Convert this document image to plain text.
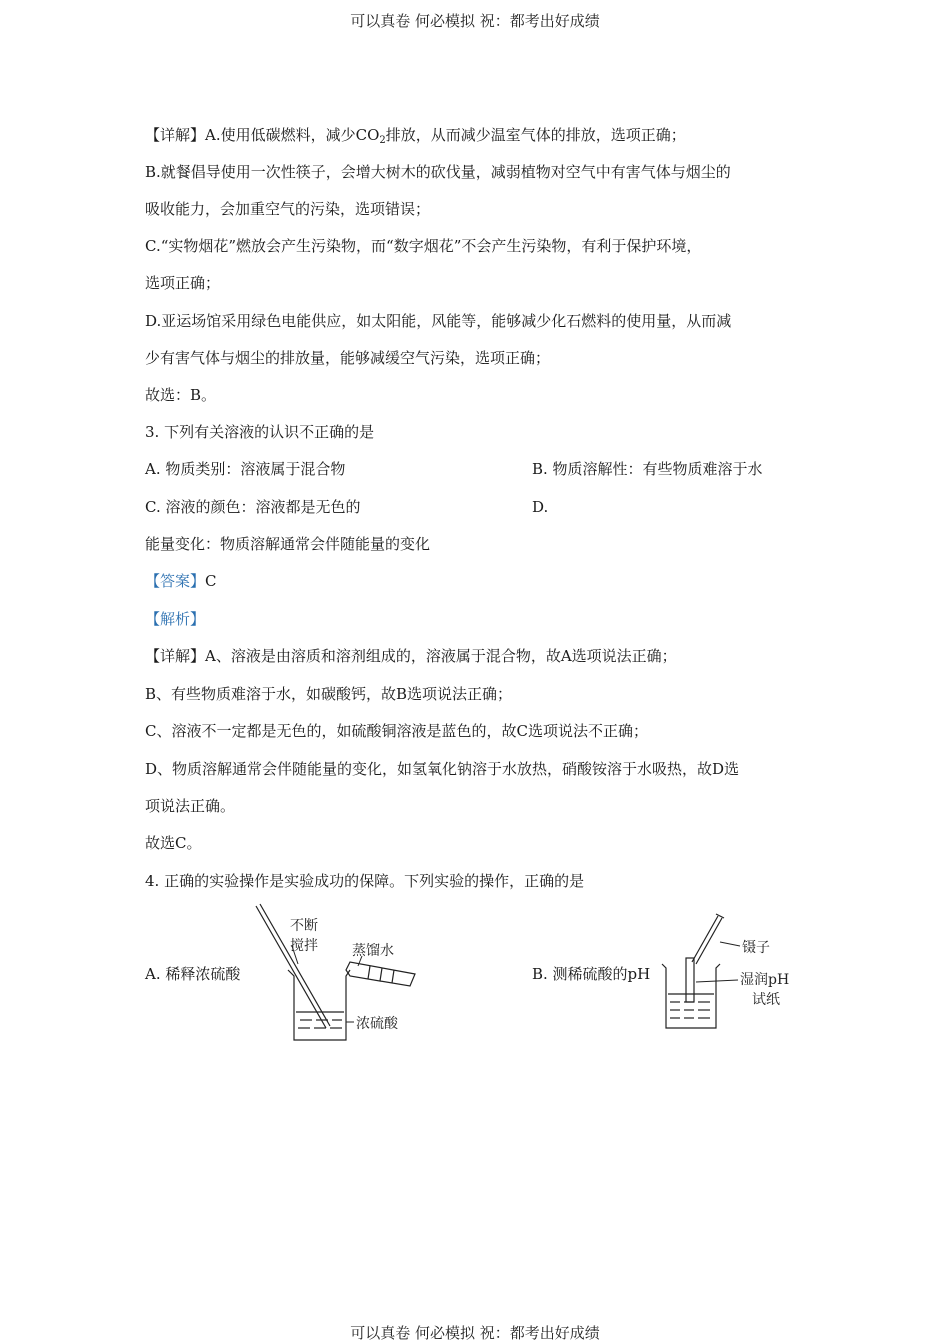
可以真卷 何必模拟 祝：都考出好成绩
【详解】A.使用低碳燃料，减少$CO_2$排放，从而减少温室气体的排放，选项正确；
B.就餐倡导使用一次性筷子，会增大树木的砍伐量，减弱植物对空气中有害气体与烟尘的
吸收能力，会加重空气的污染，选项错误；
C.“实物烟花”燃放会产生污染物，而“数字烟花”不会产生污染物，有利于保护环境，
选项正确；
D.亚运场馆采用绿色电能供应，如太阳能，风能等，能够减少化石燃料的使用量，从而减
少有害气体与烟尘的排放量，能够减缓空气污染，选项正确；
故选：B。
3. 下列有关溶液的认识不正确的是
A. 物质类别：溶液属于混合物	B. 物质溶解性：有些物质难溶于水
C. 溶液的颜色：溶液都是无色的	D.
能量变化：物质溶解通常会伴随能量的变化
【答案】C
【解析】
【详解】A、溶液是由溶质和溶剂组成的，溶液属于混合物，故A选项说法正确；
B、有些物质难溶于水，如碳酸钙，故B选项说法正确；
C、溶液不一定都是无色的，如硫酸铜溶液是蓝色的，故C选项说法不正确；
D、物质溶解通常会伴随能量的变化，如氢氧化钠溶于水放热，硝酸铵溶于水吸热，故D选
项说法正确。
故选C。
4. 正确的实验操作是实验成功的保障。下列实验的操作，正确的是
A. 稀释浓硫酸	B. 测稀硫酸的pH
不断
搅拌 蒸馏水
浓硫酸
镊子
湿润pH
试纸
可以真卷 何必模拟 祝：都考出好成绩
